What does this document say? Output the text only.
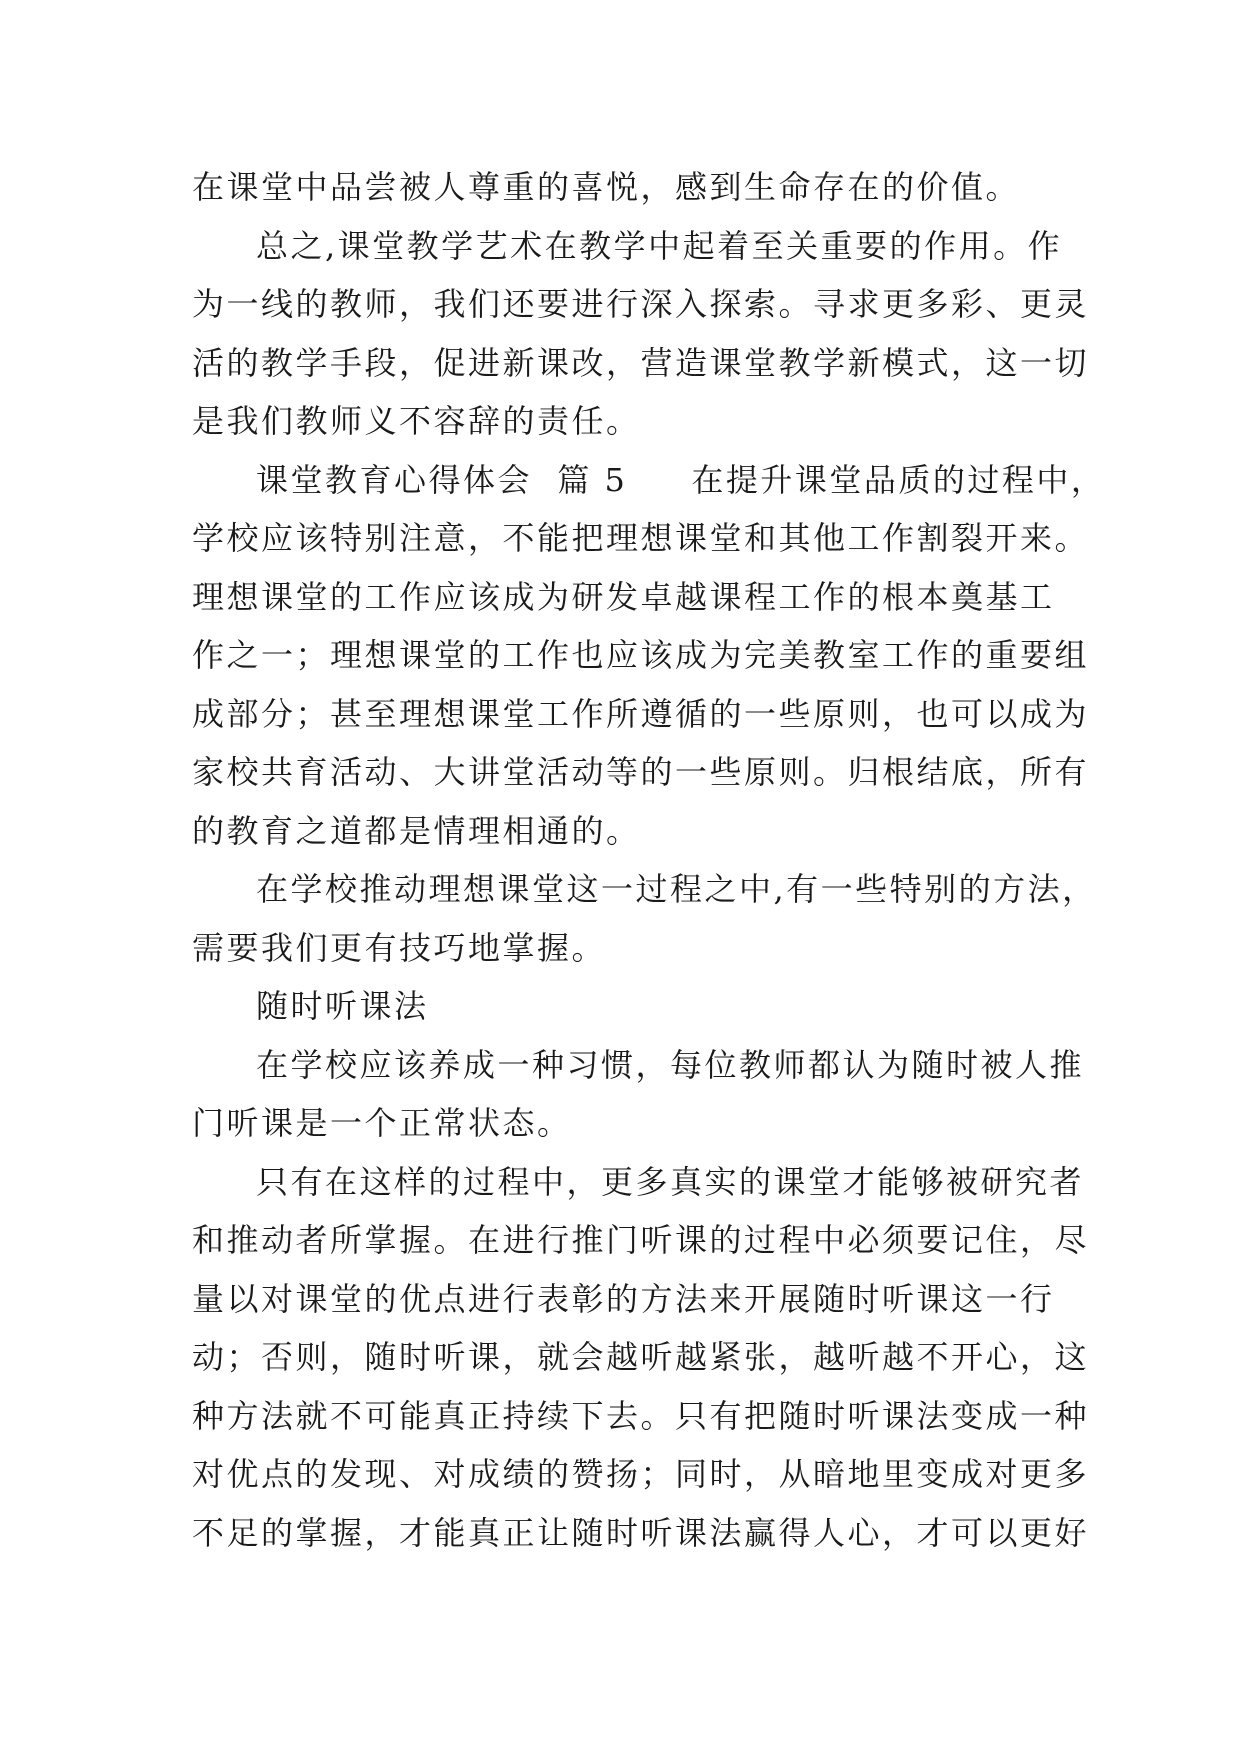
在课堂中品尝被人尊重的喜悦，感到生命存在的价值。
总之,课堂教学艺术在教学中起着至关重要的作用。作
为一线的教师，我们还要进行深入探索。寻求更多彩、更灵
活的教学手段，促进新课改，营造课堂教学新模式，这一切
是我们教师义不容辞的责任。
课堂教育心得体会 篇 5 在提升课堂品质的过程中，
学校应该特别注意，不能把理想课堂和其他工作割裂开来。
理想课堂的工作应该成为研发卓越课程工作的根本奠基工
作之一；理想课堂的工作也应该成为完美教室工作的重要组
成部分；甚至理想课堂工作所遵循的一些原则，也可以成为
家校共育活动、大讲堂活动等的一些原则。归根结底，所有
的教育之道都是情理相通的。
在学校推动理想课堂这一过程之中,有一些特别的方法，
需要我们更有技巧地掌握。
随时听课法
在学校应该养成一种习惯，每位教师都认为随时被人推
门听课是一个正常状态。
只有在这样的过程中，更多真实的课堂才能够被研究者
和推动者所掌握。在进行推门听课的过程中必须要记住，尽
量以对课堂的优点进行表彰的方法来开展随时听课这一行
动；否则，随时听课，就会越听越紧张，越听越不开心，这
种方法就不可能真正持续下去。只有把随时听课法变成一种
对优点的发现、对成绩的赞扬；同时，从暗地里变成对更多
不足的掌握，才能真正让随时听课法赢得人心，才可以更好
